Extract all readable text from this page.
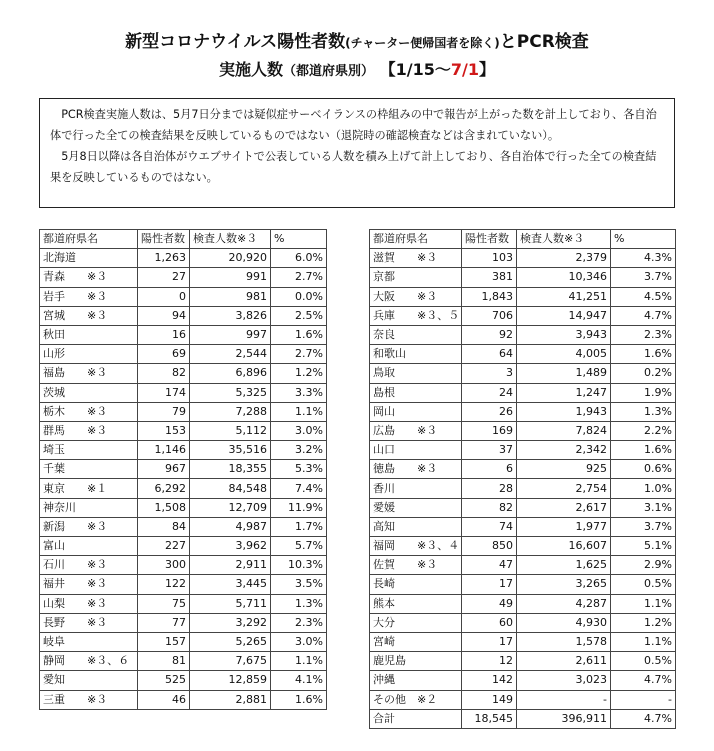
新型コロナウイルス陽性者数(チャーター便帰国者を除く)とPCR検査
実施人数（都道府県別） 【1/15～7/1】

PCR検査実施人数は、5月7日分までは疑似症サーベイランスの枠組みの中で報告が上がった数を計上しており、各自治体で行った全ての検査結果を反映しているものではない（退院時の確認検査などは含まれていない）。

5月8日以降は各自治体がウエブサイトで公表している人数を積み上げて計上しており、各自治体で行った全ての検査結果を反映しているものではない。

都道府県名	陽性者数	検査人数※３	%
北海道	1,263	20,920	6.0%
青森 ※３	27	991	2.7%
岩手 ※３	0	981	0.0%
宮城 ※３	94	3,826	2.5%
秋田	16	997	1.6%
山形	69	2,544	2.7%
福島 ※３	82	6,896	1.2%
茨城	174	5,325	3.3%
栃木 ※３	79	7,288	1.1%
群馬 ※３	153	5,112	3.0%
埼玉	1,146	35,516	3.2%
千葉	967	18,355	5.3%
東京 ※１	6,292	84,548	7.4%
神奈川	1,508	12,709	11.9%
新潟 ※３	84	4,987	1.7%
富山	227	3,962	5.7%
石川 ※３	300	2,911	10.3%
福井 ※３	122	3,445	3.5%
山梨 ※３	75	5,711	1.3%
長野 ※３	77	3,292	2.3%
岐阜	157	5,265	3.0%
静岡 ※３、６	81	7,675	1.1%
愛知	525	12,859	4.1%
三重 ※３	46	2,881	1.6%
都道府県名	陽性者数	検査人数※３	%
滋賀 ※３	103	2,379	4.3%
京都	381	10,346	3.7%
大阪 ※３	1,843	41,251	4.5%
兵庫 ※３、５	706	14,947	4.7%
奈良	92	3,943	2.3%
和歌山	64	4,005	1.6%
鳥取	3	1,489	0.2%
島根	24	1,247	1.9%
岡山	26	1,943	1.3%
広島 ※３	169	7,824	2.2%
山口	37	2,342	1.6%
徳島 ※３	6	925	0.6%
香川	28	2,754	1.0%
愛媛	82	2,617	3.1%
高知	74	1,977	3.7%
福岡 ※３、４	850	16,607	5.1%
佐賀 ※３	47	1,625	2.9%
長崎	17	3,265	0.5%
熊本	49	4,287	1.1%
大分	60	4,930	1.2%
宮崎	17	1,578	1.1%
鹿児島	12	2,611	0.5%
沖縄	142	3,023	4.7%
その他 ※２	149	-	-
合計	18,545	396,911	4.7%
